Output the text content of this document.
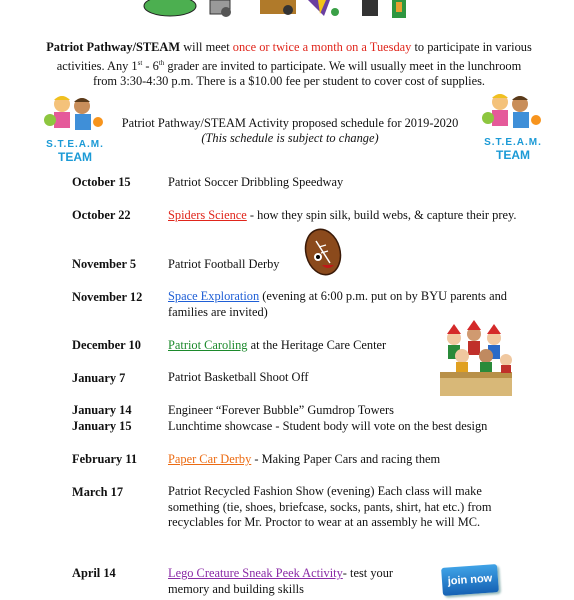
Patriot Pathway/STEAM will meet once or twice a month on a Tuesday to participate in various activities. Any 1st - 6th grader are invited to participate. We will usually meet in the lunchroom from 3:30-4:30 p.m. There is a $10.00 fee per student to cover cost of supplies.
S.T.E.A.M.
TEAM
S.T.E.A.M.
TEAM
Patriot Pathway/STEAM Activity proposed schedule for 2019-2020
(This schedule is subject to change)
October 15	Patriot Soccer Dribbling Speedway
October 22	Spiders Science - how they spin silk, build webs, & capture their prey.
November 5	Patriot Football Derby
November 12 Space Exploration (evening at 6:00 p.m. put on by BYU parents and families are invited)
December 10 Patriot Caroling at the Heritage Care Center
January 7	Patriot Basketball Shoot Off
January 14	Engineer “Forever Bubble” Gumdrop Towers
January 15	Lunchtime showcase - Student body will vote on the best design
February 11 Paper Car Derby - Making Paper Cars and racing them
March 17	Patriot Recycled Fashion Show (evening) Each class will make something (tie, shoes, briefcase, socks, pants, shirt, hat etc.) from recyclables for Mr. Proctor to wear at an assembly he will MC.
April 14	Lego Creature Sneak Peek Activity- test your memory and building skills
join now
